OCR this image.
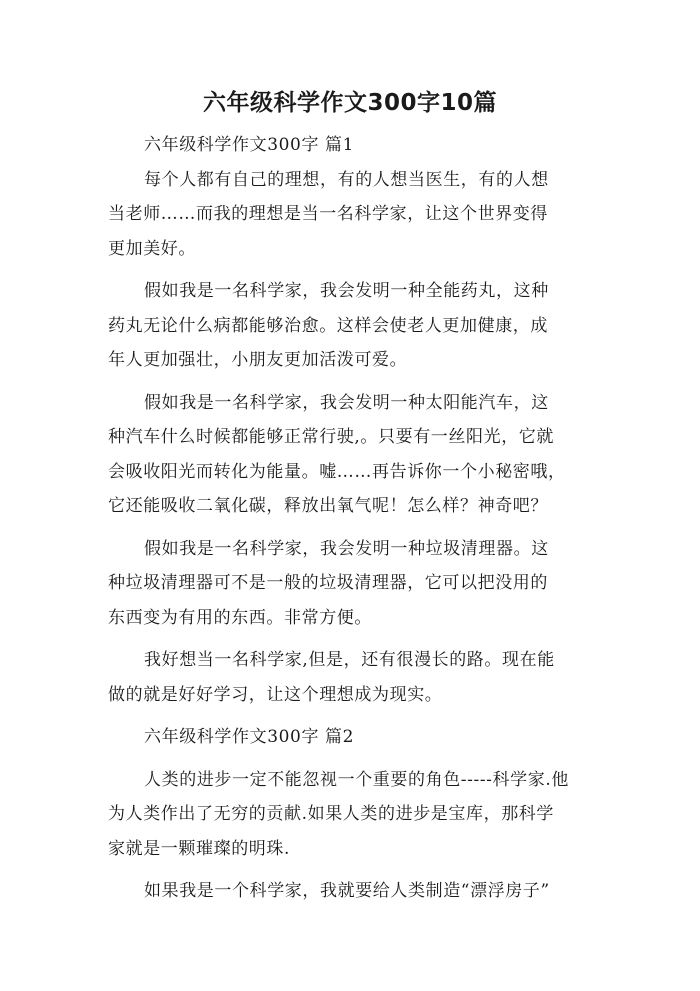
六年级科学作文300字10篇
六年级科学作文300字 篇1
每个人都有自己的理想，有的人想当医生，有的人想
当老师……而我的理想是当一名科学家，让这个世界变得
更加美好。
假如我是一名科学家，我会发明一种全能药丸，这种
药丸无论什么病都能够治愈。这样会使老人更加健康，成
年人更加强壮，小朋友更加活泼可爱。
假如我是一名科学家，我会发明一种太阳能汽车，这
种汽车什么时候都能够正常行驶,。只要有一丝阳光，它就
会吸收阳光而转化为能量。嘘……再告诉你一个小秘密哦，
它还能吸收二氧化碳，释放出氧气呢！怎么样？神奇吧？
假如我是一名科学家，我会发明一种垃圾清理器。这
种垃圾清理器可不是一般的垃圾清理器，它可以把没用的
东西变为有用的东西。非常方便。
我好想当一名科学家,但是，还有很漫长的路。现在能
做的就是好好学习，让这个理想成为现实。
六年级科学作文300字 篇2
人类的进步一定不能忽视一个重要的角色-----科学家.他
为人类作出了无穷的贡献.如果人类的进步是宝库，那科学
家就是一颗璀璨的明珠.
如果我是一个科学家，我就要给人类制造“漂浮房子”
